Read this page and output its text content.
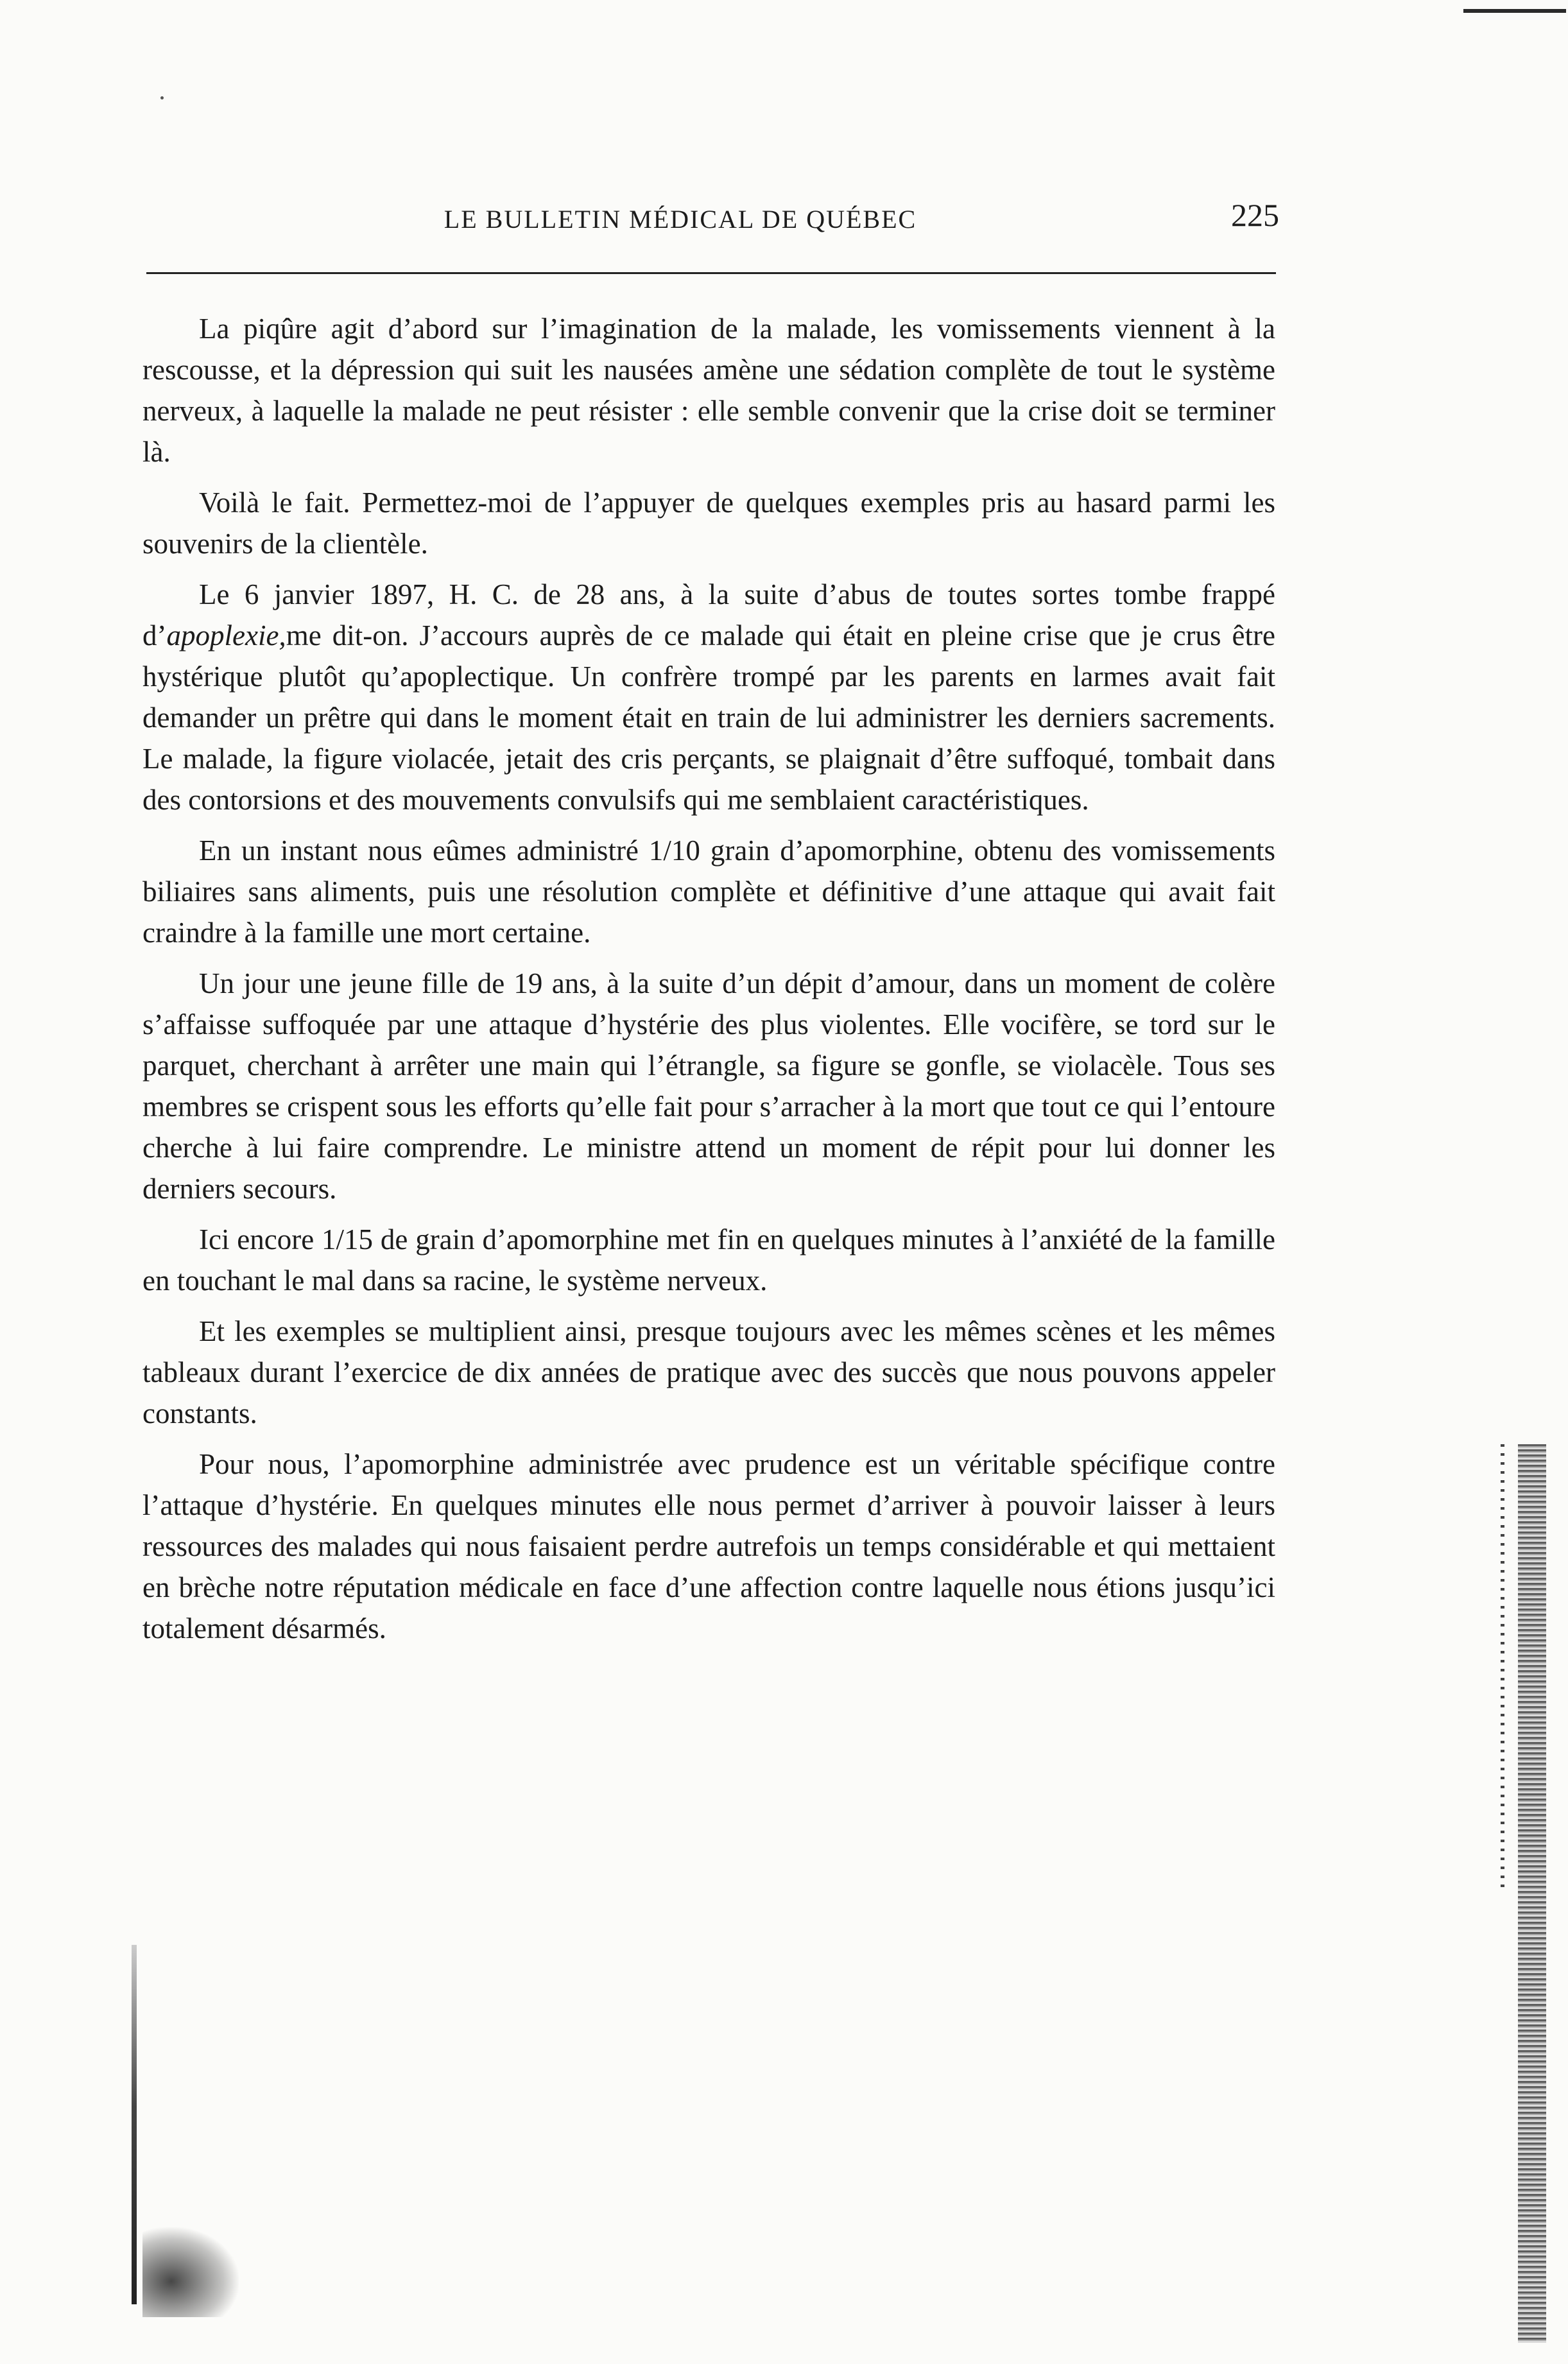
LE BULLETIN MÉDICAL DE QUÉBEC	225

La piqûre agit d’abord sur l’imagination de la malade, les vomissements viennent à la rescousse, et la dépression qui suit les nausées amène une sédation complète de tout le système nerveux, à laquelle la malade ne peut résister : elle semble convenir que la crise doit se terminer là.

Voilà le fait. Permettez-moi de l’appuyer de quelques exemples pris au hasard parmi les souvenirs de la clientèle.

Le 6 janvier 1897, H. C. de 28 ans, à la suite d’abus de toutes sortes tombe frappé d’apoplexie,me dit-on. J’accours auprès de ce malade qui était en pleine crise que je crus être hystérique plutôt qu’apoplectique. Un confrère trompé par les parents en larmes avait fait demander un prêtre qui dans le moment était en train de lui administrer les derniers sacrements. Le malade, la figure violacée, jetait des cris perçants, se plaignait d’être suffoqué, tombait dans des contorsions et des mouvements convulsifs qui me semblaient caractéristiques.

En un instant nous eûmes administré 1/10 grain d’apomorphine, obtenu des vomissements biliaires sans aliments, puis une résolution complète et définitive d’une attaque qui avait fait craindre à la famille une mort certaine.

Un jour une jeune fille de 19 ans, à la suite d’un dépit d’amour, dans un moment de colère s’affaisse suffoquée par une attaque d’hystérie des plus violentes. Elle vocifère, se tord sur le parquet, cherchant à arrêter une main qui l’étrangle, sa figure se gonfle, se violacèle. Tous ses membres se crispent sous les efforts qu’elle fait pour s’arracher à la mort que tout ce qui l’entoure cherche à lui faire comprendre. Le ministre attend un moment de répit pour lui donner les derniers secours.

Ici encore 1/15 de grain d’apomorphine met fin en quelques minutes à l’anxiété de la famille en touchant le mal dans sa racine, le système nerveux.

Et les exemples se multiplient ainsi, presque toujours avec les mêmes scènes et les mêmes tableaux durant l’exercice de dix années de pratique avec des succès que nous pouvons appeler constants.

Pour nous, l’apomorphine administrée avec prudence est un véritable spécifique contre l’attaque d’hystérie. En quelques minutes elle nous permet d’arriver à pouvoir laisser à leurs ressources des malades qui nous faisaient perdre autrefois un temps considérable et qui mettaient en brèche notre réputation médicale en face d’une affection contre laquelle nous étions jusqu’ici totalement désarmés.
